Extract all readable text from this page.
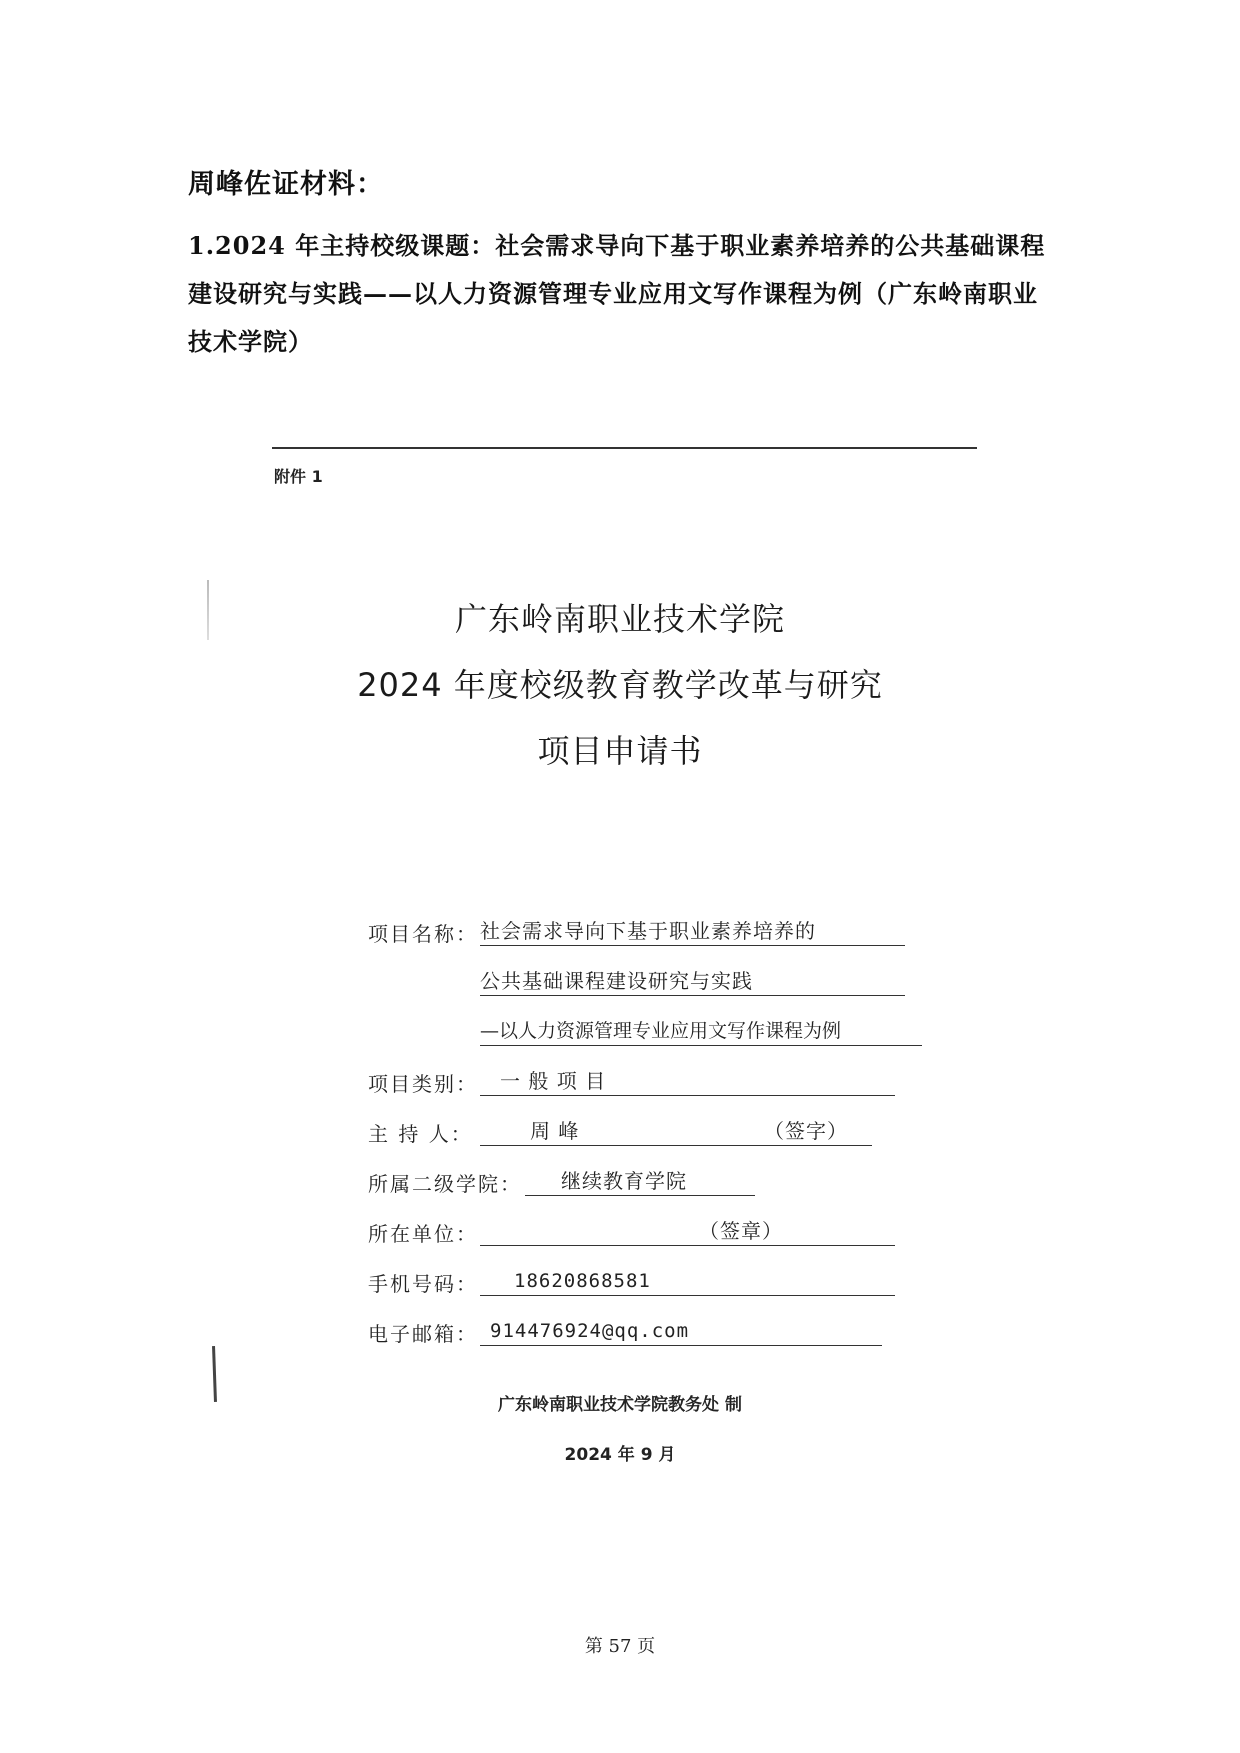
周峰佐证材料：

1.2024 年主持校级课题：社会需求导向下基于职业素养培养的公共基础课程建设研究与实践——以人力资源管理专业应用文写作课程为例（广东岭南职业技术学院）

附件 1
广东岭南职业技术学院
2024 年度校级教育教学改革与研究
项目申请书
项目名称： 社会需求导向下基于职业素养培养的
公共基础课程建设研究与实践
—以人力资源管理专业应用文写作课程为例
项目类别：	一 般 项 目
主 持 人：	周 峰	（签字）
所属二级学院：	继续教育学院
所在单位：	（签章）
手机号码：	18620868581
电子邮箱： 914476924@qq.com
广东岭南职业技术学院教务处 制
2024 年 9 月
第 57 页
